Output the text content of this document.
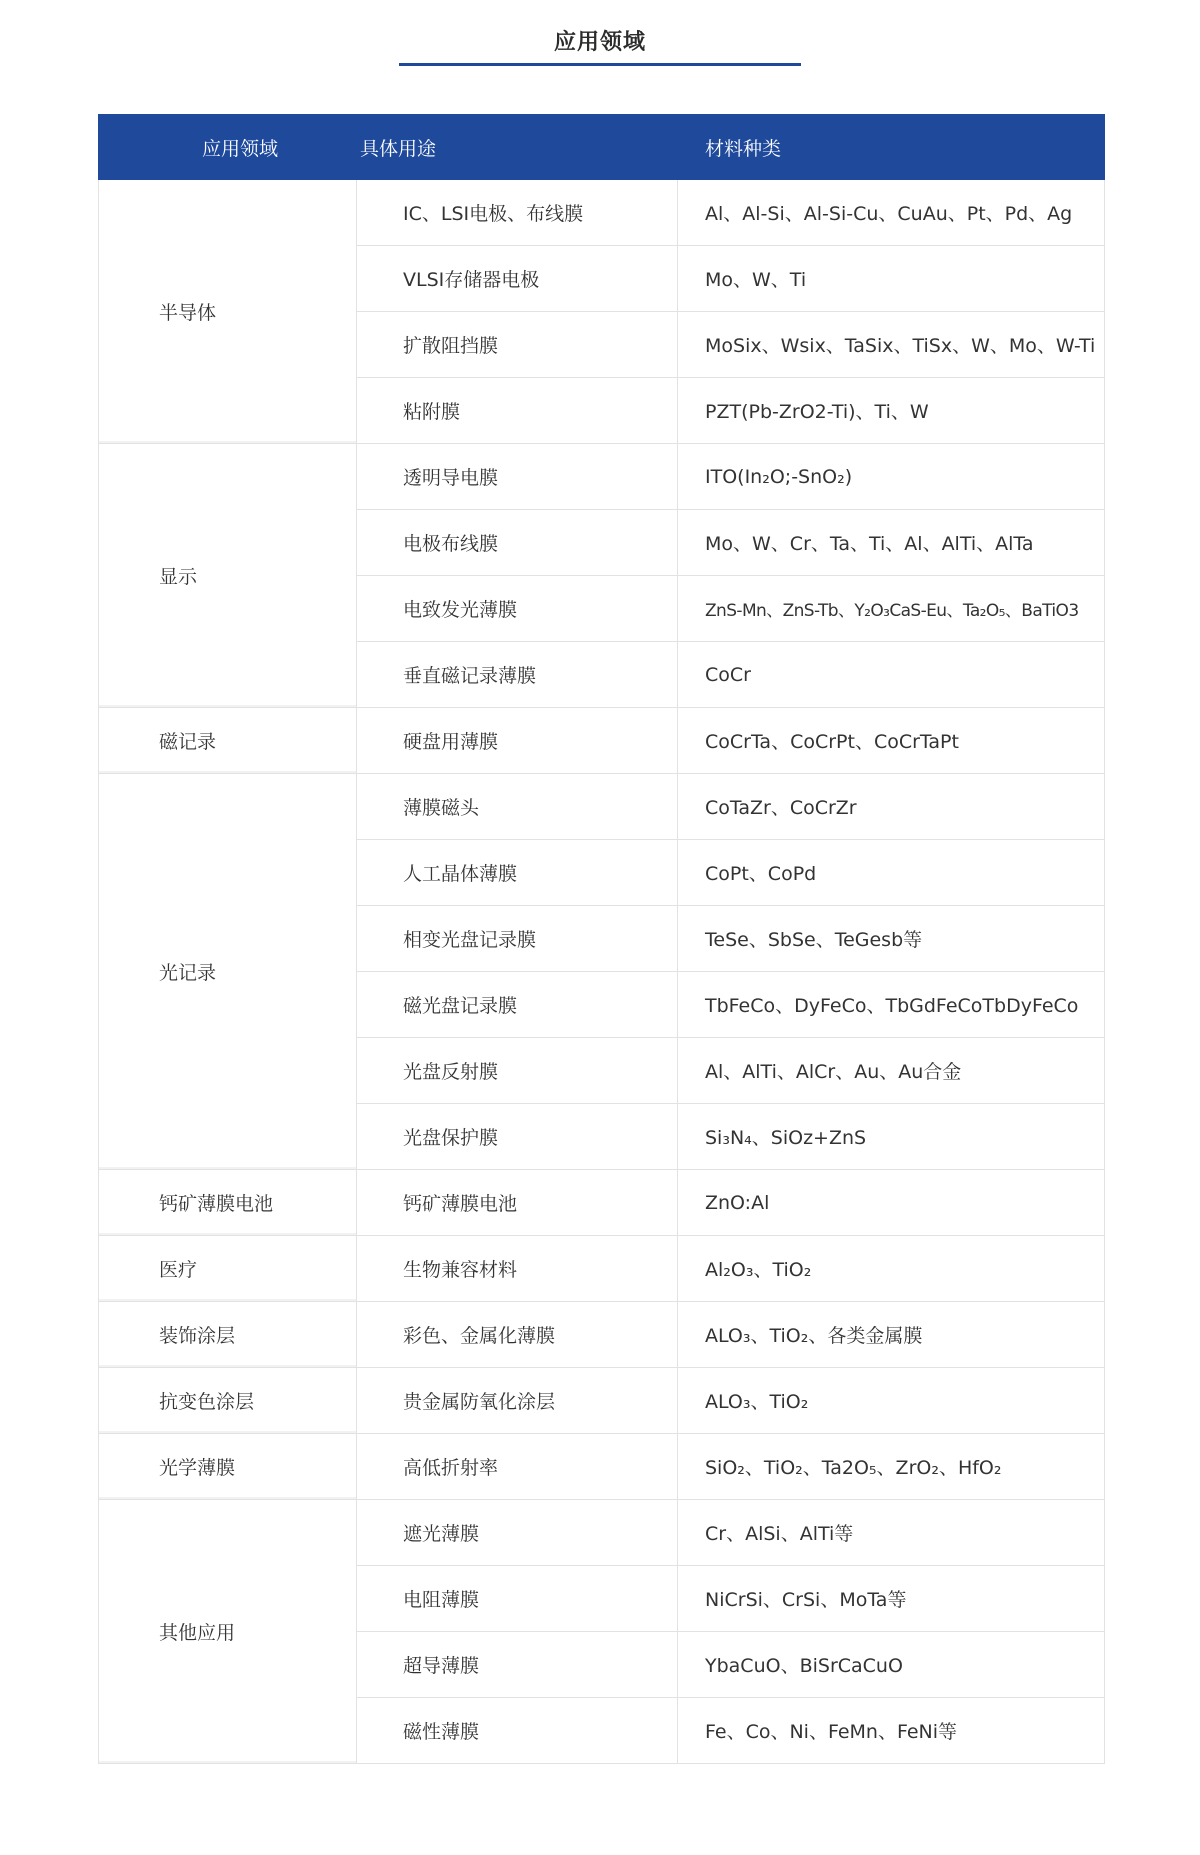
应用领域
应用领域	具体用途	材料种类
半导体	IC、LSI电极、布线膜	Al、Al-Si、Al-Si-Cu、CuAu、Pt、Pd、Ag
	VLSI存储器电极	Mo、W、Ti
	扩散阻挡膜	MoSix、Wsix、TaSix、TiSx、W、Mo、W-Ti
	粘附膜	PZT(Pb-ZrO2-Ti)、Ti、W
显示	透明导电膜	ITO(In₂O;-SnO₂)
	电极布线膜	Mo、W、Cr、Ta、Ti、Al、AlTi、AlTa
	电致发光薄膜	ZnS-Mn、ZnS-Tb、Y₂O₃CaS-Eu、Ta₂O₅、BaTiO3
	垂直磁记录薄膜	CoCr
磁记录	硬盘用薄膜	CoCrTa、CoCrPt、CoCrTaPt
光记录	薄膜磁头	CoTaZr、CoCrZr
	人工晶体薄膜	CoPt、CoPd
	相变光盘记录膜	TeSe、SbSe、TeGesb等
	磁光盘记录膜	TbFeCo、DyFeCo、TbGdFeCoTbDyFeCo
	光盘反射膜	Al、AlTi、AlCr、Au、Au合金
	光盘保护膜	Si₃N₄、SiOz+ZnS
钙矿薄膜电池	钙矿薄膜电池	ZnO:Al
医疗	生物兼容材料	Al₂O₃、TiO₂
装饰涂层	彩色、金属化薄膜	ALO₃、TiO₂、各类金属膜
抗变色涂层	贵金属防氧化涂层	ALO₃、TiO₂
光学薄膜	高低折射率	SiO₂、TiO₂、Ta2O₅、ZrO₂、HfO₂
其他应用	遮光薄膜	Cr、AlSi、AlTi等
	电阻薄膜	NiCrSi、CrSi、MoTa等
	超导薄膜	YbaCuO、BiSrCaCuO
	磁性薄膜	Fe、Co、Ni、FeMn、FeNi等
